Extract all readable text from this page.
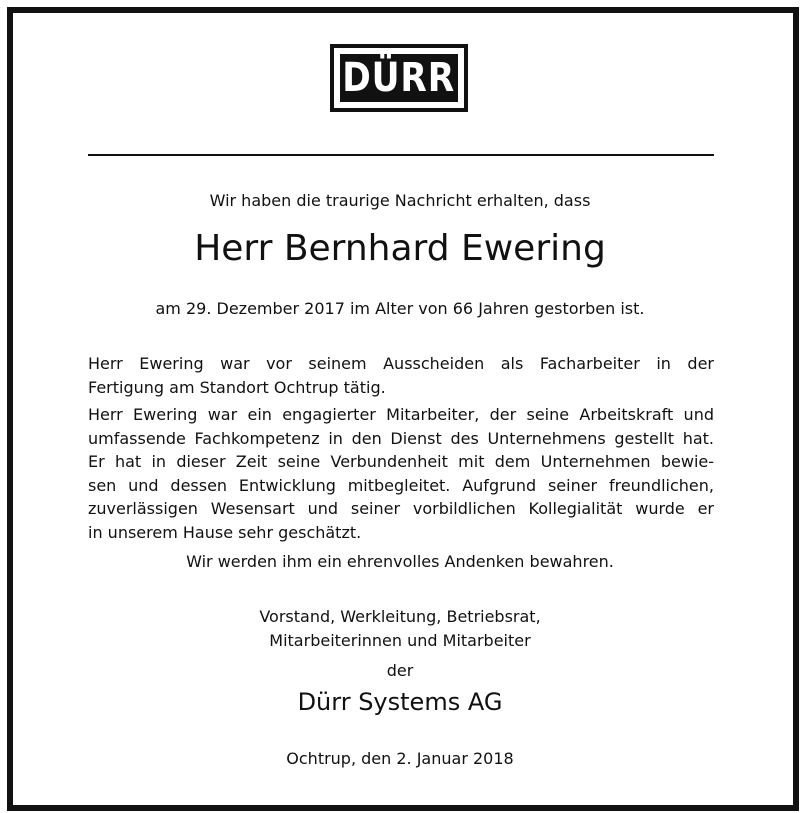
DÜRR
Wir haben die traurige Nachricht erhalten, dass
Herr Bernhard Ewering
am 29. Dezember 2017 im Alter von 66 Jahren gestorben ist.
Herr Ewering war vor seinem Ausscheiden als Facharbeiter in der
Fertigung am Standort Ochtrup tätig.
Herr Ewering war ein engagierter Mitarbeiter, der seine Arbeitskraft und
umfassende Fachkompetenz in den Dienst des Unternehmens gestellt hat.
Er hat in dieser Zeit seine Verbundenheit mit dem Unternehmen bewie-
sen und dessen Entwicklung mitbegleitet. Aufgrund seiner freundlichen,
zuverlässigen Wesensart und seiner vorbildlichen Kollegialität wurde er
in unserem Hause sehr geschätzt.
Wir werden ihm ein ehrenvolles Andenken bewahren.
Vorstand, Werkleitung, Betriebsrat,
Mitarbeiterinnen und Mitarbeiter
der
Dürr Systems AG
Ochtrup, den 2. Januar 2018
